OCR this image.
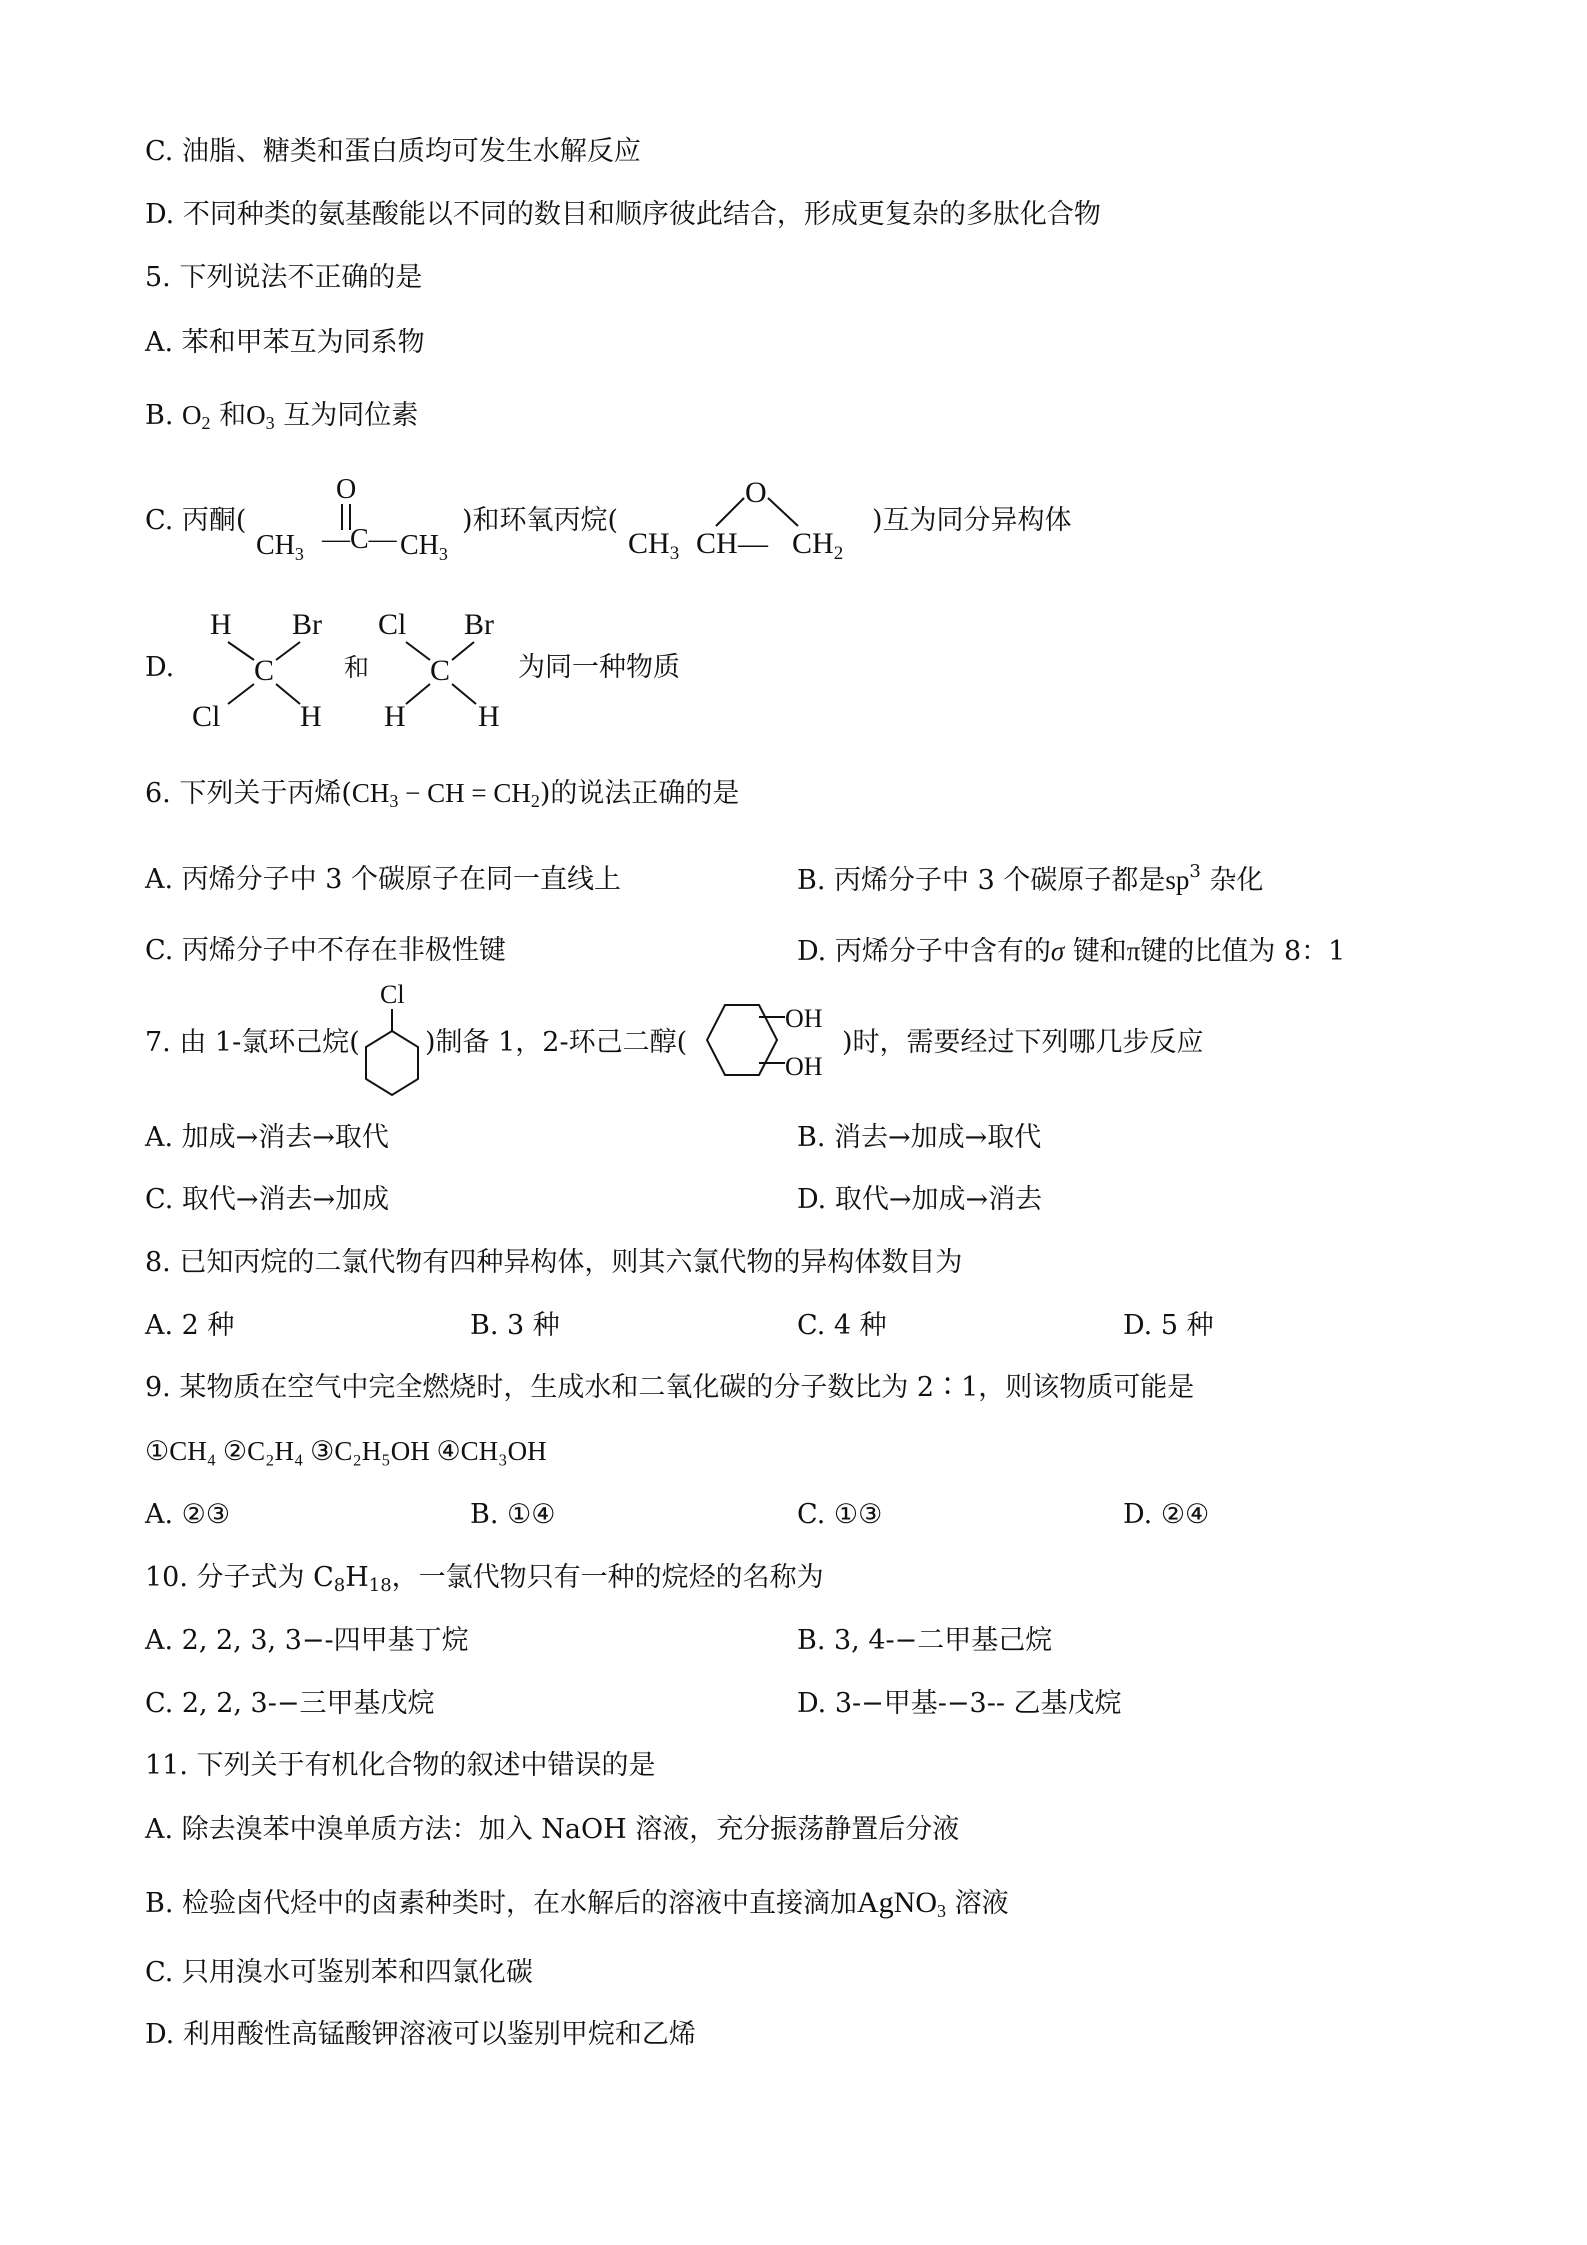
C. 油脂、糖类和蛋白质均可发生水解反应
D. 不同种类的氨基酸能以不同的数目和顺序彼此结合，形成更复杂的多肽化合物
5. 下列说法不正确的是
A. 苯和甲苯互为同系物
B. $O_2$ 和$O_3$ 互为同位素
C. 丙酮(
O
$CH_3$ —C— $CH_3$
)和环氧丙烷(
O
$CH_3$ CH — $CH_2$
)互为同分异构体
D.
H Br
C
Cl	H
和
Cl Br
C
H H
为同一种物质
6. 下列关于丙烯($CH_3$ − CH = $CH_2$)的说法正确的是
A. 丙烯分子中 3 个碳原子在同一直线上	B. 丙烯分子中 3 个碳原子都是$sp^3$ 杂化
C. 丙烯分子中不存在非极性键	D. 丙烯分子中含有的σ 键和π键的比值为 8：1
7. 由 1-氯环己烷(
Cl
)制备 1，2-环己二醇(
OH
OH
)时，需要经过下列哪几步反应
A. 加成→消去→取代	B. 消去→加成→取代
C. 取代→消去→加成	D. 取代→加成→消去
8. 已知丙烷的二氯代物有四种异构体，则其六氯代物的异构体数目为
A. 2 种	B. 3 种	C. 4 种	D. 5 种
9. 某物质在空气中完全燃烧时，生成水和二氧化碳的分子数比为 2∶1，则该物质可能是
①CH₄ ②C₂H₄ ③C₂H₅OH ④CH₃OH
A. ②③	B. ①④	C. ①③	D. ②④
10. 分子式为 $C_8H_{18}$，一氯代物只有一种的烷烃的名称为
A. 2, 2, 3, 3−-四甲基丁烷	B. 3, 4-−二甲基己烷
C. 2, 2, 3-−三甲基戊烷	D. 3-−甲基-−3-- 乙基戊烷
11. 下列关于有机化合物的叙述中错误的是
A. 除去溴苯中溴单质方法：加入 NaOH 溶液，充分振荡静置后分液
B. 检验卤代烃中的卤素种类时，在水解后的溶液中直接滴加AgNO$_3$ 溶液
C. 只用溴水可鉴别苯和四氯化碳
D. 利用酸性高锰酸钾溶液可以鉴别甲烷和乙烯
